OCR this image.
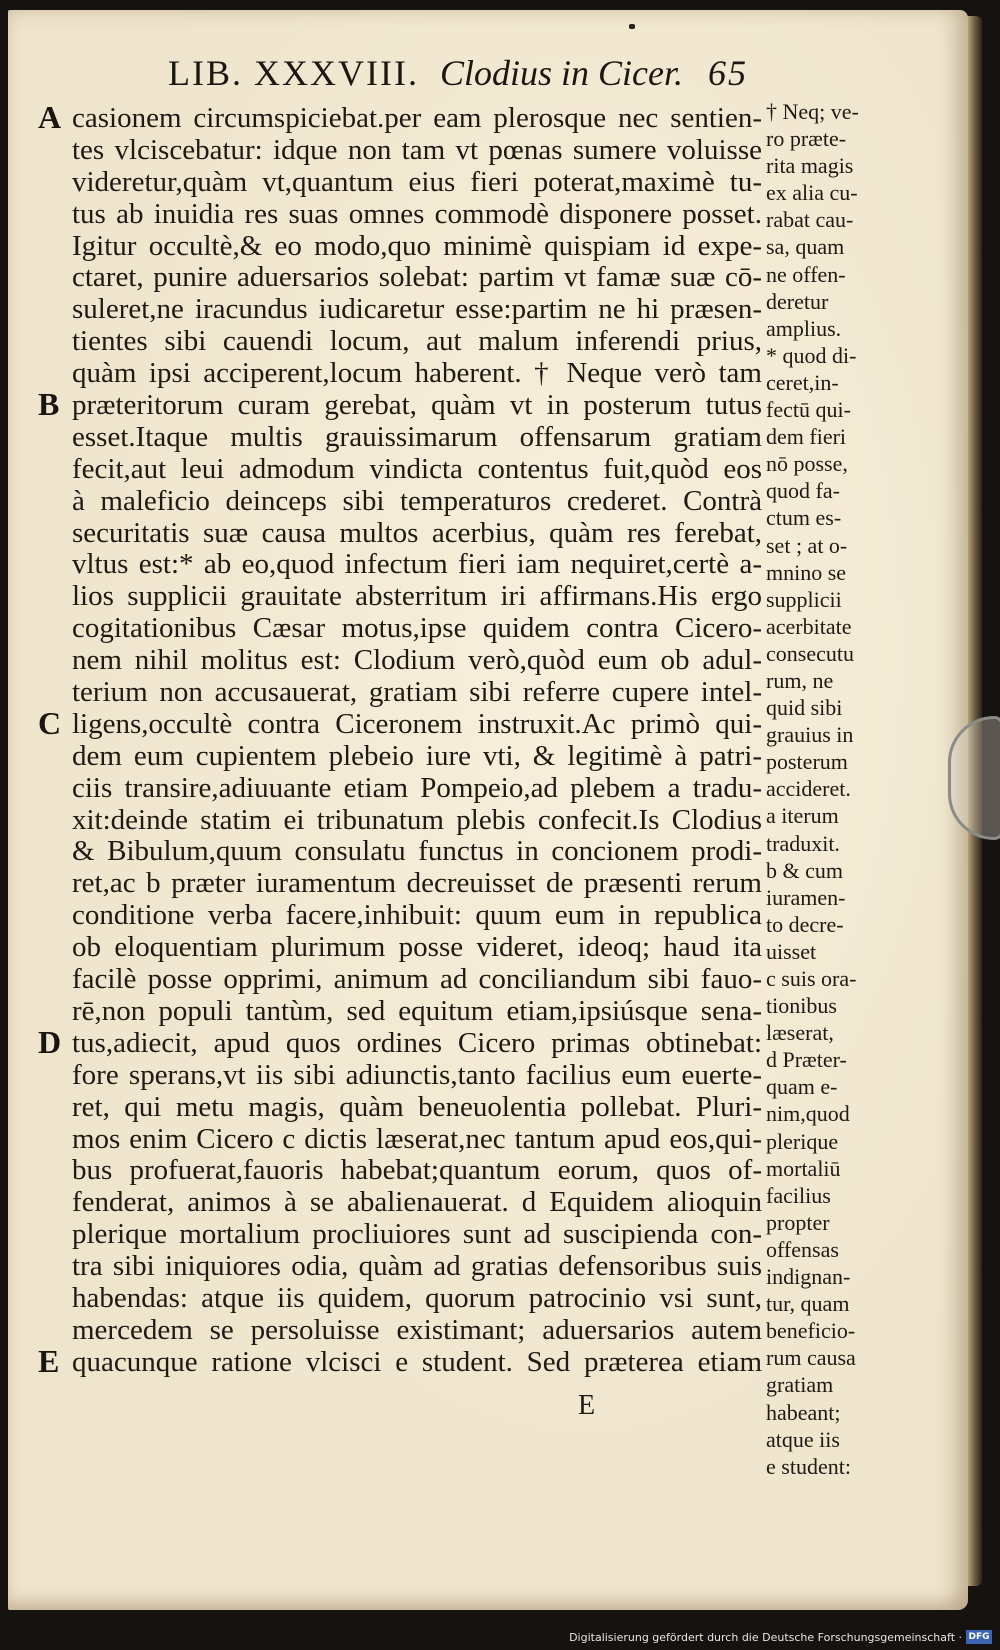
LIB. XXXVIII. Clodius in Cicer. 65
A
B
C
D
E
casionem circumspiciebat.per eam plerosque nec sentien-
tes vlciscebatur: idque non tam vt pœnas sumere voluisse
videretur,quàm vt,quantum eius fieri poterat,maximè tu-
tus ab inuidia res suas omnes commodè disponere posset.
Igitur occultè,& eo modo,quo minimè quispiam id expe-
ctaret, punire aduersarios solebat: partim vt famæ suæ cō-
suleret,ne iracundus iudicaretur esse:partim ne hi præsen-
tientes sibi cauendi locum, aut malum inferendi prius,
quàm ipsi acciperent,locum haberent. † Neque verò tam
præteritorum curam gerebat, quàm vt in posterum tutus
esset.Itaque multis grauissimarum offensarum gratiam
fecit,aut leui admodum vindicta contentus fuit,quòd eos
à maleficio deinceps sibi temperaturos crederet. Contrà
securitatis suæ causa multos acerbius, quàm res ferebat,
vltus est:* ab eo,quod infectum fieri iam nequiret,certè a-
lios supplicii grauitate absterritum iri affirmans.His ergo
cogitationibus Cæsar motus,ipse quidem contra Cicero-
nem nihil molitus est: Clodium verò,quòd eum ob adul-
terium non accusauerat, gratiam sibi referre cupere intel-
ligens,occultè contra Ciceronem instruxit.Ac primò qui-
dem eum cupientem plebeio iure vti, & legitimè à patri-
ciis transire,adiuuante etiam Pompeio,ad plebem a tradu-
xit:deinde statim ei tribunatum plebis confecit.Is Clodius
& Bibulum,quum consulatu functus in concionem prodi-
ret,ac b præter iuramentum decreuisset de præsenti rerum
conditione verba facere,inhibuit: quum eum in republica
ob eloquentiam plurimum posse videret, ideoq; haud ita
facilè posse opprimi, animum ad conciliandum sibi fauo-
rē,non populi tantùm, sed equitum etiam,ipsiúsque sena-
tus,adiecit, apud quos ordines Cicero primas obtinebat:
fore sperans,vt iis sibi adiunctis,tanto facilius eum euerte-
ret, qui metu magis, quàm beneuolentia pollebat. Pluri-
mos enim Cicero c dictis læserat,nec tantum apud eos,qui-
bus profuerat,fauoris habebat;quantum eorum, quos of-
fenderat, animos à se abalienauerat. d Equidem alioquin
plerique mortalium procliuiores sunt ad suscipienda con-
tra sibi iniquiores odia, quàm ad gratias defensoribus suis
habendas: atque iis quidem, quorum patrocinio vsi sunt,
mercedem se persoluisse existimant; aduersarios autem
quacunque ratione vlcisci e student. Sed præterea etiam
† Neq; ve-
ro præte-
rita magis
ex alia cu-
rabat cau-
sa, quam
ne offen-
deretur
amplius.
* quod di-
ceret,in-
fectū qui-
dem fieri
nō posse,
quod fa-
ctum es-
set ; at o-
mnino se
supplicii
acerbitate
consecutu
rum, ne
quid sibi
grauius in
posterum
accideret.
a iterum
traduxit.
b & cum
iuramen-
to decre-
uisset
c suis ora-
tionibus
læserat,
d Præter-
quam e-
nim,quod
plerique
mortaliū
facilius
propter
offensas
indignan-
tur, quam
beneficio-
rum causa
gratiam
habeant;
atque iis
e student:
E
Digitalisierung gefördert durch die Deutsche Forschungsgemeinschaft · DFG
